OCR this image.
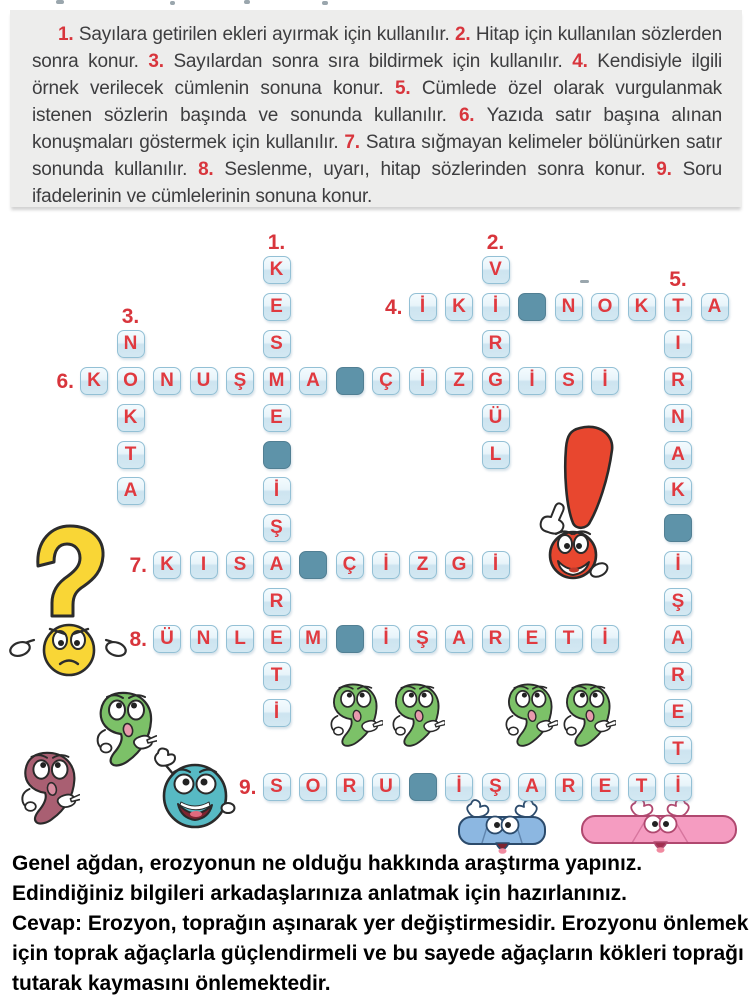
1. Sayılara getirilen ekleri ayırmak için kullanılır. 2. Hitap için kullanılan sözlerden sonra konur. 3. Sayılardan sonra sıra bildirmek için kullanılır. 4. Kendisiyle ilgili örnek verilecek cümlenin sonuna konur. 5. Cümlede özel olarak vurgulanmak istenen sözlerin başında ve sonunda kullanılır. 6. Yazıda satır başına alınan konuşmaları göstermek için kullanılır. 7. Satıra sığmayan kelimeler bölünürken satır sonunda kullanılır. 8. Seslenme, uyarı, hitap sözlerinden sonra konur. 9. Soru ifadelerinin ve cümlelerinin sonuna konur.

K
E
S
M
E
İ
Ş
A
R
E
T
İ
1.
V
İ
R
G
Ü
L
2.
N
O
K
T
A
3.	İ K	N O K T A
4.
I
R
N
A
K
İ
Ş
A
R
E
T
İ
5.
K	N U Ş	A	Ç İ Z	İ S İ
6.
K I S	Ç İ Z G İ
7.
Ü N L	M	İ Ş A R E T İ
8.
S O R U	İ Ş A R E T
9.

Genel ağdan, erozyonun ne olduğu hakkında araştırma yapınız.

Edindiğiniz bilgileri arkadaşlarınıza anlatmak için hazırlanınız.

Cevap: Erozyon, toprağın aşınarak yer değiştirmesidir. Erozyonu önlemek için toprak ağaçlarla güçlendirmeli ve bu sayede ağaçların kökleri toprağı tutarak kaymasını önlemektedir.
